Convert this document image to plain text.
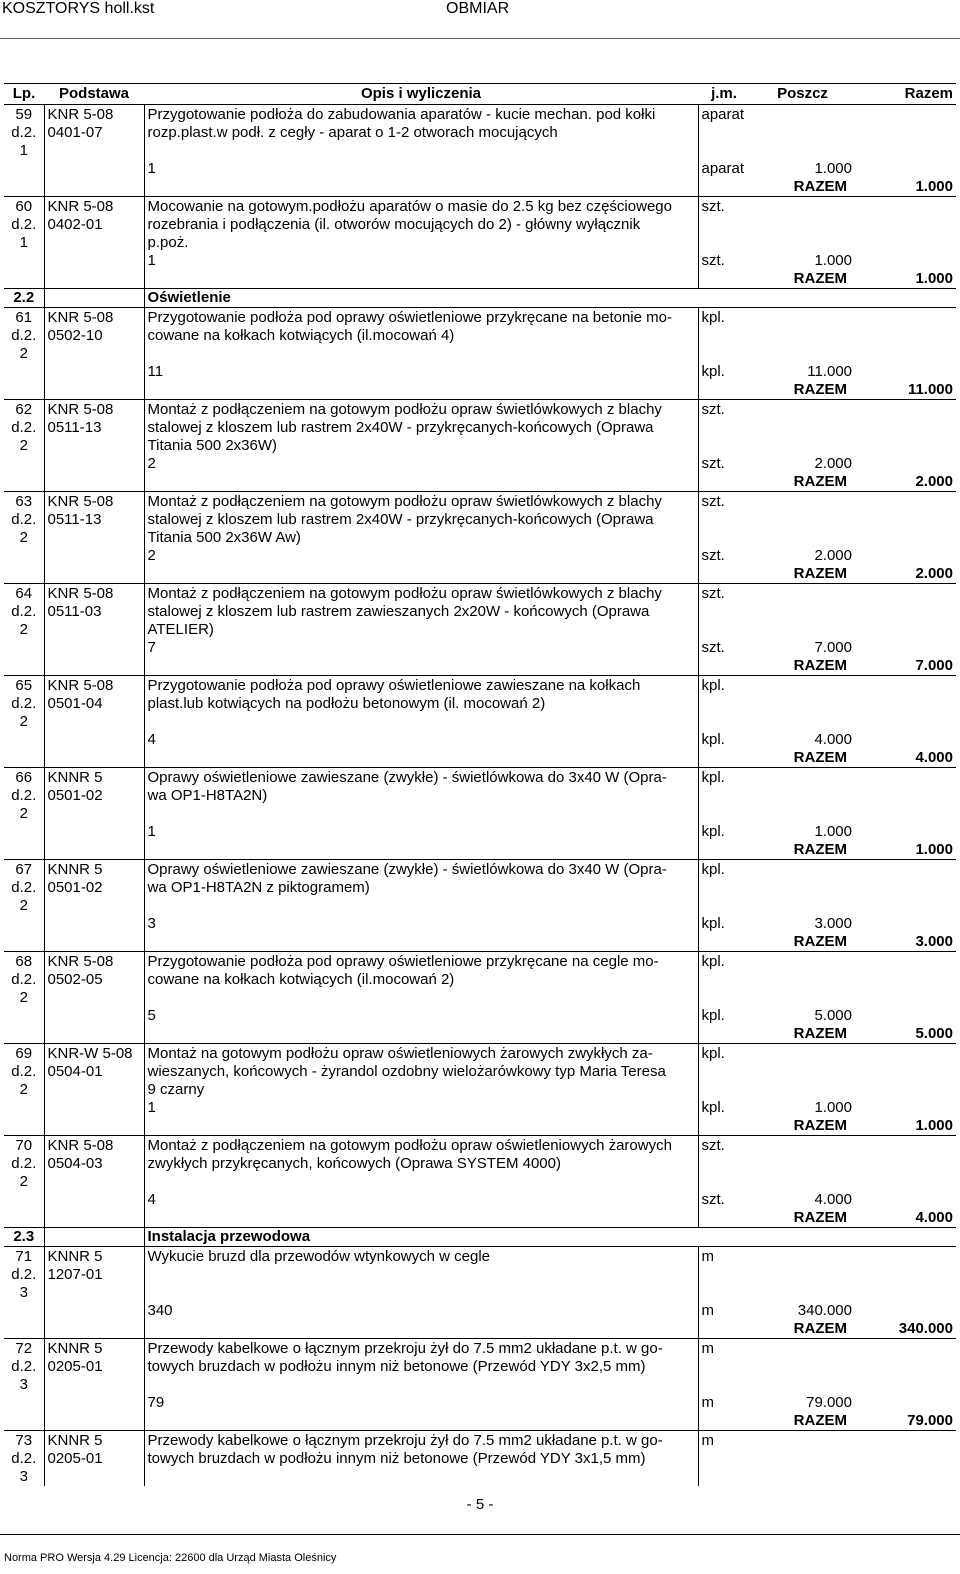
KOSZTORYS holl.kst	OBMIAR
Lp.	Podstawa	Opis i wyliczenia	j.m.	Poszcz	Razem
59	KNR 5-08	Przygotowanie podłoża do zabudowania aparatów - kucie mechan. pod kołki	aparat		
d.2.	0401-07	rozp.plast.w podł. z cegły - aparat o 1-2 otworach mocujących			
1					
		1	aparat	1.000	
			RAZEM		1.000
60	KNR 5-08	Mocowanie na gotowym.podłożu aparatów o masie do 2.5 kg bez częściowego	szt.		
d.2.	0402-01	rozebrania i podłączenia (il. otworów mocujących do 2) - główny wyłącznik			
1		p.poż.			
		1	szt.	1.000	
			RAZEM		1.000
2.2		Oświetlenie			
61	KNR 5-08	Przygotowanie podłoża pod oprawy oświetleniowe przykręcane na betonie mo-	kpl.		
d.2.	0502-10	cowane na kołkach kotwiących (il.mocowań 4)			
2					
		11	kpl.	11.000	
			RAZEM		11.000
62	KNR 5-08	Montaż z podłączeniem na gotowym podłożu opraw świetlówkowych z blachy	szt.		
d.2.	0511-13	stalowej z kloszem lub rastrem 2x40W - przykręcanych-końcowych (Oprawa			
2		Titania 500 2x36W)			
		2	szt.	2.000	
			RAZEM		2.000
63	KNR 5-08	Montaż z podłączeniem na gotowym podłożu opraw świetlówkowych z blachy	szt.		
d.2.	0511-13	stalowej z kloszem lub rastrem 2x40W - przykręcanych-końcowych (Oprawa			
2		Titania 500 2x36W Aw)			
		2	szt.	2.000	
			RAZEM		2.000
64	KNR 5-08	Montaż z podłączeniem na gotowym podłożu opraw świetlówkowych z blachy	szt.		
d.2.	0511-03	stalowej z kloszem lub rastrem zawieszanych 2x20W - końcowych (Oprawa			
2		ATELIER)			
		7	szt.	7.000	
			RAZEM		7.000
65	KNR 5-08	Przygotowanie podłoża pod oprawy oświetleniowe zawieszane na kołkach	kpl.		
d.2.	0501-04	plast.lub kotwiących na podłożu betonowym (il. mocowań 2)			
2					
		4	kpl.	4.000	
			RAZEM		4.000
66	KNNR 5	Oprawy oświetleniowe zawieszane (zwykłe) - świetlówkowa do 3x40 W (Opra-	kpl.		
d.2.	0501-02	wa OP1-H8TA2N)			
2					
		1	kpl.	1.000	
			RAZEM		1.000
67	KNNR 5	Oprawy oświetleniowe zawieszane (zwykłe) - świetlówkowa do 3x40 W (Opra-	kpl.		
d.2.	0501-02	wa OP1-H8TA2N z piktogramem)			
2					
		3	kpl.	3.000	
			RAZEM		3.000
68	KNR 5-08	Przygotowanie podłoża pod oprawy oświetleniowe przykręcane na cegle mo-	kpl.		
d.2.	0502-05	cowane na kołkach kotwiących (il.mocowań 2)			
2					
		5	kpl.	5.000	
			RAZEM		5.000
69	KNR-W 5-08	Montaż na gotowym podłożu opraw oświetleniowych żarowych zwykłych za-	kpl.		
d.2.	0504-01	wieszanych, końcowych - żyrandol ozdobny wielożarówkowy typ Maria Teresa			
2		9 czarny			
		1	kpl.	1.000	
			RAZEM		1.000
70	KNR 5-08	Montaż z podłączeniem na gotowym podłożu opraw oświetleniowych żarowych	szt.		
d.2.	0504-03	zwykłych przykręcanych, końcowych (Oprawa SYSTEM 4000)			
2					
		4	szt.	4.000	
			RAZEM		4.000
2.3		Instalacja przewodowa			
71	KNNR 5	Wykucie bruzd dla przewodów wtynkowych w cegle	m		
d.2.	1207-01				
3					
		340	m	340.000	
			RAZEM		340.000
72	KNNR 5	Przewody kabelkowe o łącznym przekroju żył do 7.5 mm2 układane p.t. w go-	m		
d.2.	0205-01	towych bruzdach w podłożu innym niż betonowe (Przewód YDY 3x2,5 mm)			
3					
		79	m	79.000	
			RAZEM		79.000
73	KNNR 5	Przewody kabelkowe o łącznym przekroju żył do 7.5 mm2 układane p.t. w go-	m		
d.2.	0205-01	towych bruzdach w podłożu innym niż betonowe (Przewód YDY 3x1,5 mm)			
3					
- 5 -
Norma PRO Wersja 4.29 Licencja: 22600 dla Urząd Miasta Oleśnicy
